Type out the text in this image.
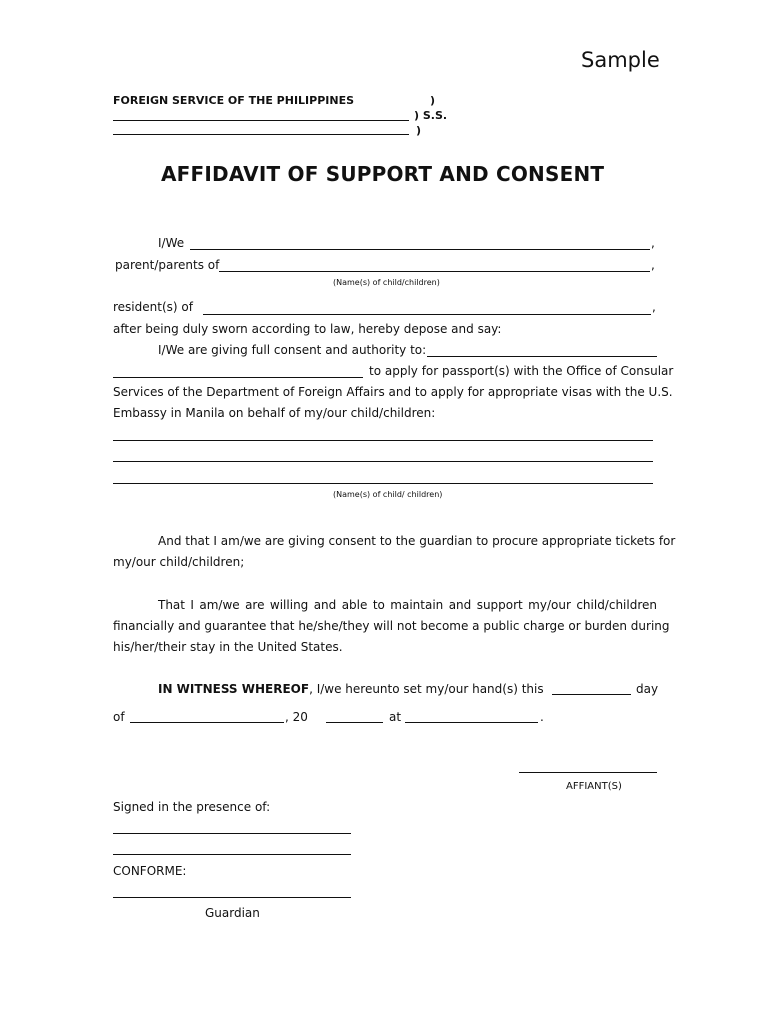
Sample
FOREIGN SERVICE OF THE PHILIPPINES	)
) S.S.
)
AFFIDAVIT OF SUPPORT AND CONSENT
I/We	,
parent/parents of	,
(Name(s) of child/children)
resident(s) of	,
after being duly sworn according to law, hereby depose and say:
I/We are giving full consent and authority to:
to apply for passport(s) with the Office of Consular
Services of the Department of Foreign Affairs and to apply for appropriate visas with the U.S.
Embassy in Manila on behalf of my/our child/children:
(Name(s) of child/ children)
And that I am/we are giving consent to the guardian to procure appropriate tickets for
my/our child/children;
That I am/we are willing and able to maintain and support my/our child/children
financially and guarantee that he/she/they will not become a public charge or burden during
his/her/their stay in the United States.
IN WITNESS WHEREOF, I/we hereunto set my/our hand(s) this	day
of	, 20	at	.
AFFIANT(S)
Signed in the presence of:
CONFORME:
Guardian
